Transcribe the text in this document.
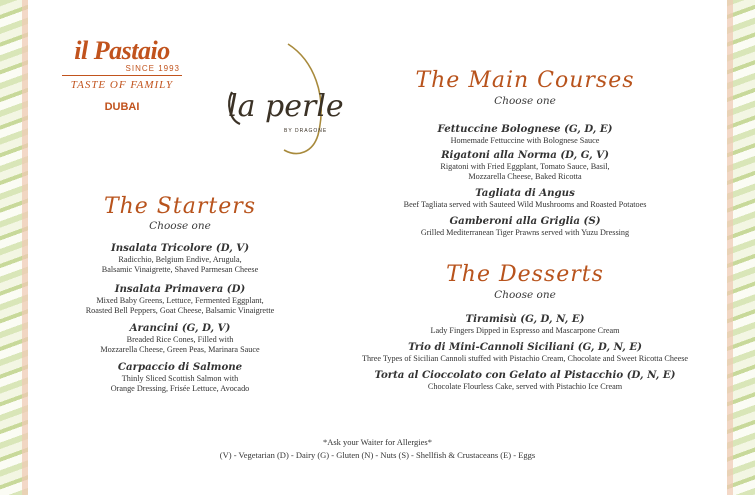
il Pastaio
SINCE 1993
TASTE OF FAMILY
DUBAI	la perle
BY DRAGONE
The Starters
Choose one
Insalata Tricolore (D, V)
Radicchio, Belgium Endive, Arugula,
Balsamic Vinaigrette, Shaved Parmesan Cheese
Insalata Primavera (D)
Mixed Baby Greens, Lettuce, Fermented Eggplant,
Roasted Bell Peppers, Goat Cheese, Balsamic Vinaigrette
Arancini (G, D, V)
Breaded Rice Cones, Filled with
Mozzarella Cheese, Green Peas, Marinara Sauce
Carpaccio di Salmone
Thinly Sliced Scottish Salmon with
Orange Dressing, Frisée Lettuce, Avocado
The Main Courses
Choose one
Fettuccine Bolognese (G, D, E)
Homemade Fettuccine with Bolognese Sauce
Rigatoni alla Norma (D, G, V)
Rigatoni with Fried Eggplant, Tomato Sauce, Basil,
Mozzarella Cheese, Baked Ricotta
Tagliata di Angus
Beef Tagliata served with Sauteed Wild Mushrooms and Roasted Potatoes
Gamberoni alla Griglia (S)
Grilled Mediterranean Tiger Prawns served with Yuzu Dressing
The Desserts
Choose one
Tiramisù (G, D, N, E)
Lady Fingers Dipped in Espresso and Mascarpone Cream
Trio di Mini-Cannoli Siciliani (G, D, N, E)
Three Types of Sicilian Cannoli stuffed with Pistachio Cream, Chocolate and Sweet Ricotta Cheese
Torta al Cioccolato con Gelato al Pistacchio (D, N, E)
Chocolate Flourless Cake, served with Pistachio Ice Cream
*Ask your Waiter for Allergies*
(V) - Vegetarian (D) - Dairy (G) - Gluten (N) - Nuts (S) - Shellfish & Crustaceans (E) - Eggs
